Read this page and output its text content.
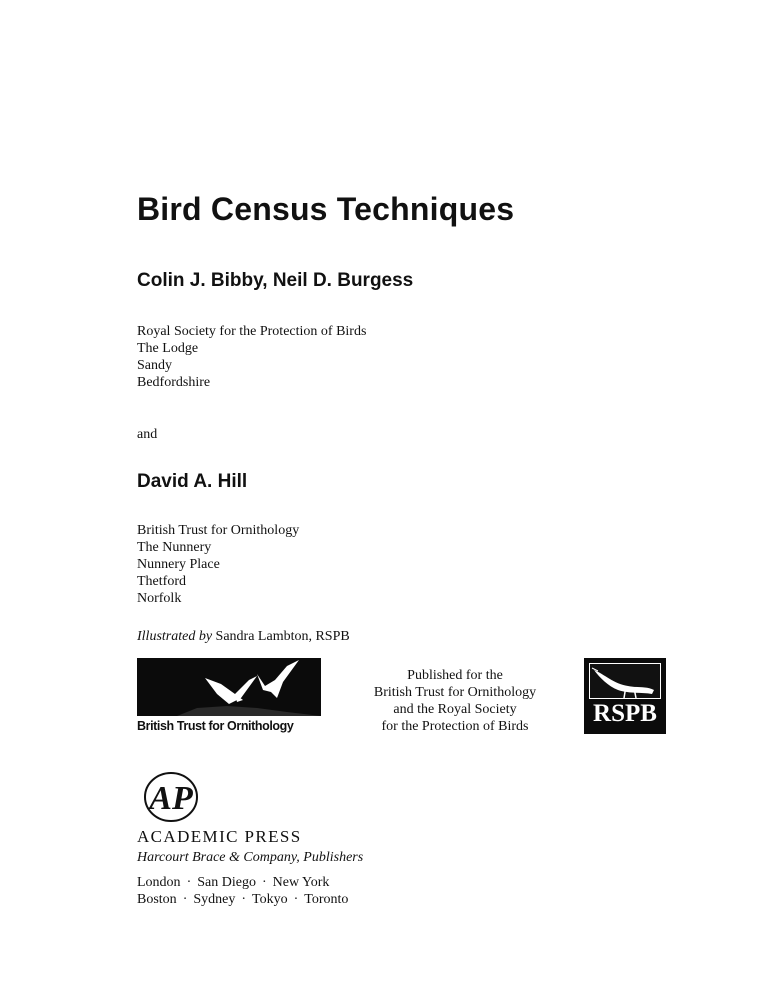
Bird Census Techniques
Colin J. Bibby, Neil D. Burgess
Royal Society for the Protection of Birds
The Lodge
Sandy
Bedfordshire
and
David A. Hill
British Trust for Ornithology
The Nunnery
Nunnery Place
Thetford
Norfolk
Illustrated by Sandra Lambton, RSPB
British Trust for Ornithology
Published for the
British Trust for Ornithology
and the Royal Society
for the Protection of Birds	RSPB
AP
ACADEMIC PRESS
Harcourt Brace & Company, Publishers
London · San Diego · New York
Boston · Sydney · Tokyo · Toronto
